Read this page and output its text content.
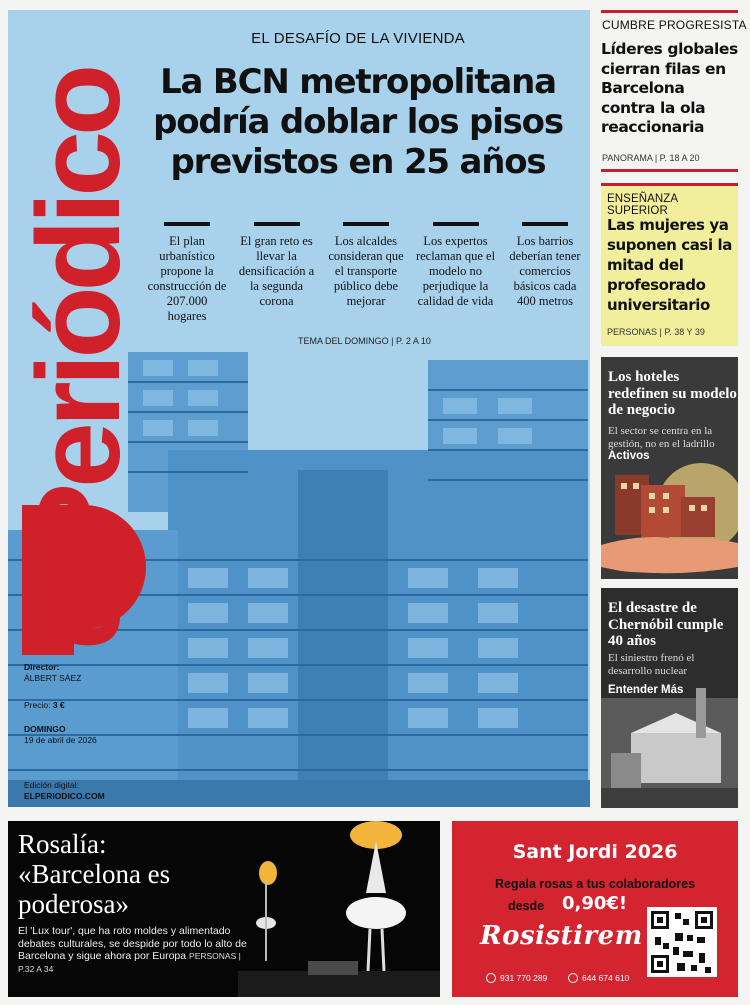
EL DESAFÍO DE LA VIVIENDA
La BCN metropolitana podría doblar los pisos previstos en 25 años
El plan urbanístico propone la construcción de 207.000 hogares
El gran reto es llevar la densificación a la segunda corona
Los alcaldes consideran que el transporte público debe mejorar
Los expertos reclaman que el modelo no perjudique la calidad de vida
Los barrios deberían tener comercios básicos cada 400 metros
TEMA DEL DOMINGO | P. 2 A 10
Director:
ÁLBERT SÁEZ
Precio: 3 €
DOMINGO
19 de abril de 2026
Edición digital:
ELPERIODICO.COM
CUMBRE PROGRESISTA
Líderes globales cierran filas en Barcelona contra la ola reaccionaria
PANORAMA | P. 18 A 20
ENSEÑANZA SUPERIOR
Las mujeres ya suponen casi la mitad del profesorado universitario
PERSONAS | P. 38 Y 39
Los hoteles redefinen su modelo de negocio
El sector se centra en la gestión, no en el ladrillo
Activos
El desastre de Chernóbil cumple 40 años
El siniestro frenó el desarrollo nuclear
Entender Más
Rosalía: «Barcelona es poderosa»
El 'Lux tour', que ha roto moldes y alimentado debates culturales, se despide por todo lo alto de Barcelona y sigue ahora por Europa PERSONAS | P.32 A 34
Sant Jordi 2026
Regala rosas a tus colaboradores
desde 0,90€!
Rosistirem
931 770 289	644 674 610
